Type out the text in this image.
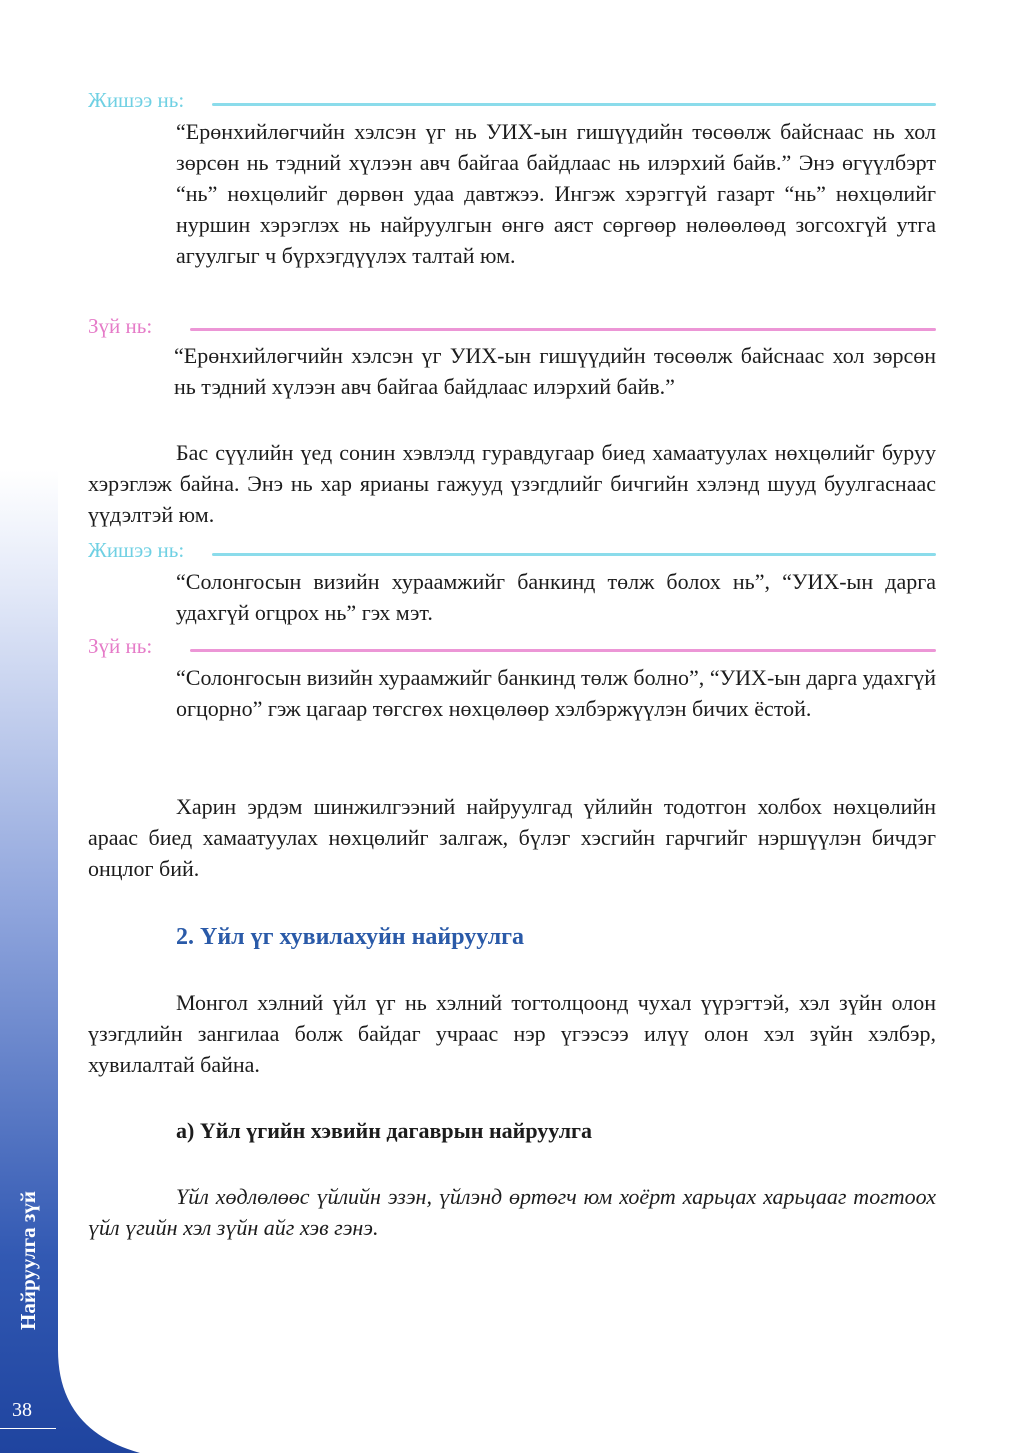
Найруулга зүй
38
Жишээ нь:

“Ерөнхийлөгчийн хэлсэн үг нь УИХ-ын гишүүдийн төсөөлж байснаас нь хол зөрсөн нь тэдний хүлээн авч байгаа байдлаас нь илэрхий байв.” Энэ өгүүлбэрт “нь” нөхцөлийг дөрвөн удаа давтжээ. Ингэж хэрэггүй газарт “нь” нөхцөлийг нуршин хэрэглэх нь найруулгын өнгө аяст сөргөөр нөлөөлөөд зогсохгүй утга агуулгыг ч бүрхэгдүүлэх талтай юм.

Зүй нь:

“Ерөнхийлөгчийн хэлсэн үг УИХ-ын гишүүдийн төсөөлж байснаас хол зөрсөн нь тэдний хүлээн авч байгаа байдлаас илэрхий байв.”

Бас сүүлийн үед сонин хэвлэлд гуравдугаар биед хамаатуулах нөхцөлийг буруу хэрэглэж байна. Энэ нь хар ярианы гажууд үзэгдлийг бичгийн хэлэнд шууд буулгаснаас үүдэлтэй юм.

Жишээ нь:

“Солонгосын визийн хураамжийг банкинд төлж болох нь”, “УИХ-ын дарга удахгүй огцрох нь” гэх мэт.

Зүй нь:

“Солонгосын визийн хураамжийг банкинд төлж болно”, “УИХ-ын дарга удахгүй огцорно” гэж цагаар төгсгөх нөхцөлөөр хэлбэржүүлэн бичих ёстой.

Харин эрдэм шинжилгээний найруулгад үйлийн тодотгон холбох нөхцөлийн араас биед хамаатуулах нөхцөлийг залгаж, бүлэг хэсгийн гарчгийг нэршүүлэн бичдэг онцлог бий.

2. Үйл үг хувилахуйн найруулга

Монгол хэлний үйл үг нь хэлний тогтолцоонд чухал үүрэгтэй, хэл зүйн олон үзэгдлийн зангилаа болж байдаг учраас нэр үгээсээ илүү олон хэл зүйн хэлбэр, хувилалтай байна.

а) Үйл үгийн хэвийн дагаврын найруулга

Үйл хөдлөлөөс үйлийн эзэн, үйлэнд өртөгч юм хоёрт харьцах харьцааг тогтоох үйл үгийн хэл зүйн айг хэв гэнэ.
